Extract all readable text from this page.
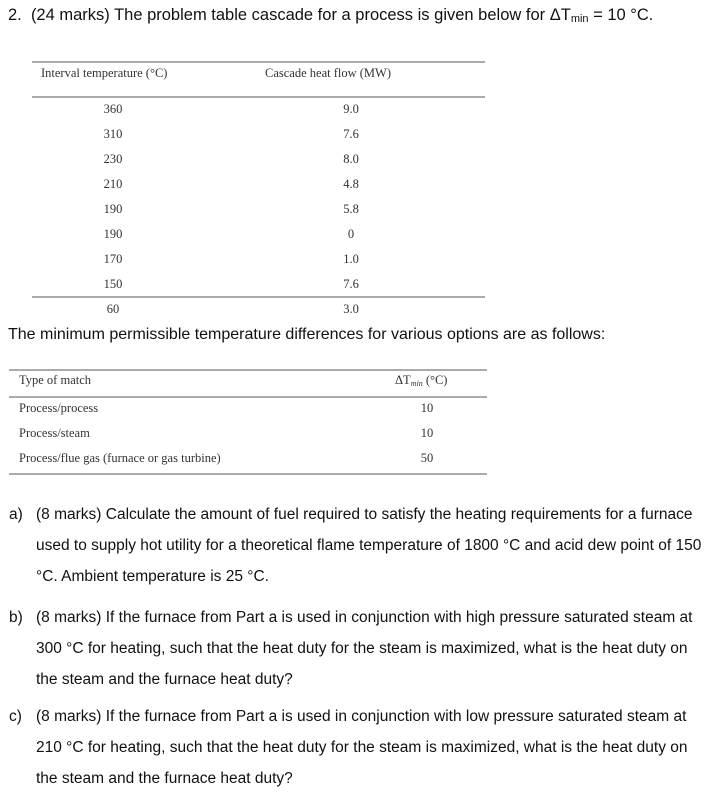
2. (24 marks) The problem table cascade for a process is given below for $\Delta T_{min} = 10$ °C.
Interval temperature (°C)	Cascade heat flow (MW)
360	9.0
310	7.6
230	8.0
210	4.8
190	5.8
190	0
170	1.0
150	7.6
60	3.0
The minimum permissible temperature differences for various options are as follows:
Type of match	$\Delta T_{min}$ (°C)
Process/process	10
Process/steam	10
Process/flue gas (furnace or gas turbine)	50
a) (8 marks) Calculate the amount of fuel required to satisfy the heating requirements for a furnace used to supply hot utility for a theoretical flame temperature of 1800 °C and acid dew point of 150 °C. Ambient temperature is 25 °C.
b) (8 marks) If the furnace from Part a is used in conjunction with high pressure saturated steam at 300 °C for heating, such that the heat duty for the steam is maximized, what is the heat duty on the steam and the furnace heat duty?
c) (8 marks) If the furnace from Part a is used in conjunction with low pressure saturated steam at 210 °C for heating, such that the heat duty for the steam is maximized, what is the heat duty on the steam and the furnace heat duty?
